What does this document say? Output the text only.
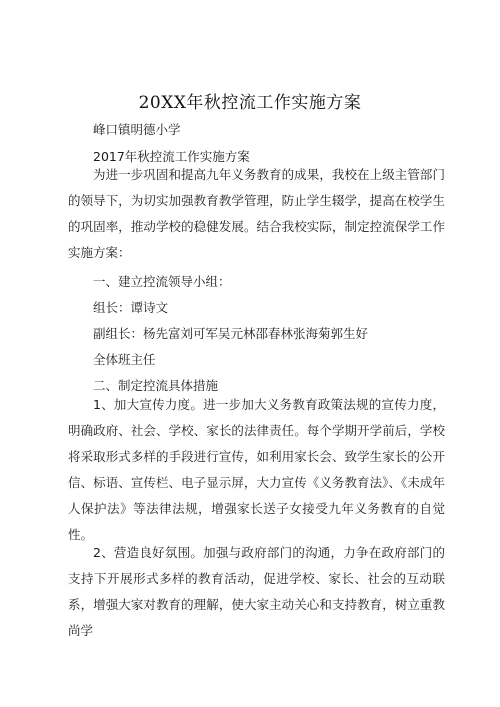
20XX年秋控流工作实施方案
峰口镇明德小学
2017年秋控流工作实施方案
为进一步巩固和提高九年义务教育的成果，我校在上级主管部门的领导下，为切实加强教育教学管理，防止学生辍学，提高在校学生的巩固率，推动学校的稳健发展。结合我校实际，制定控流保学工作实施方案：
一、建立控流领导小组：
组长：谭诗文
副组长：杨先富刘可军吴元林邵春林张海菊郭生好
全体班主任
二、制定控流具体措施
1、加大宣传力度。进一步加大义务教育政策法规的宣传力度，明确政府、社会、学校、家长的法律责任。每个学期开学前后，学校将采取形式多样的手段进行宣传，如利用家长会、致学生家长的公开信、标语、宣传栏、电子显示屏，大力宣传《义务教育法》、《未成年人保护法》等法律法规，增强家长送子女接受九年义务教育的自觉性。
2、营造良好氛围。加强与政府部门的沟通，力争在政府部门的支持下开展形式多样的教育活动，促进学校、家长、社会的互动联系，增强大家对教育的理解，使大家主动关心和支持教育，树立重教尚学
